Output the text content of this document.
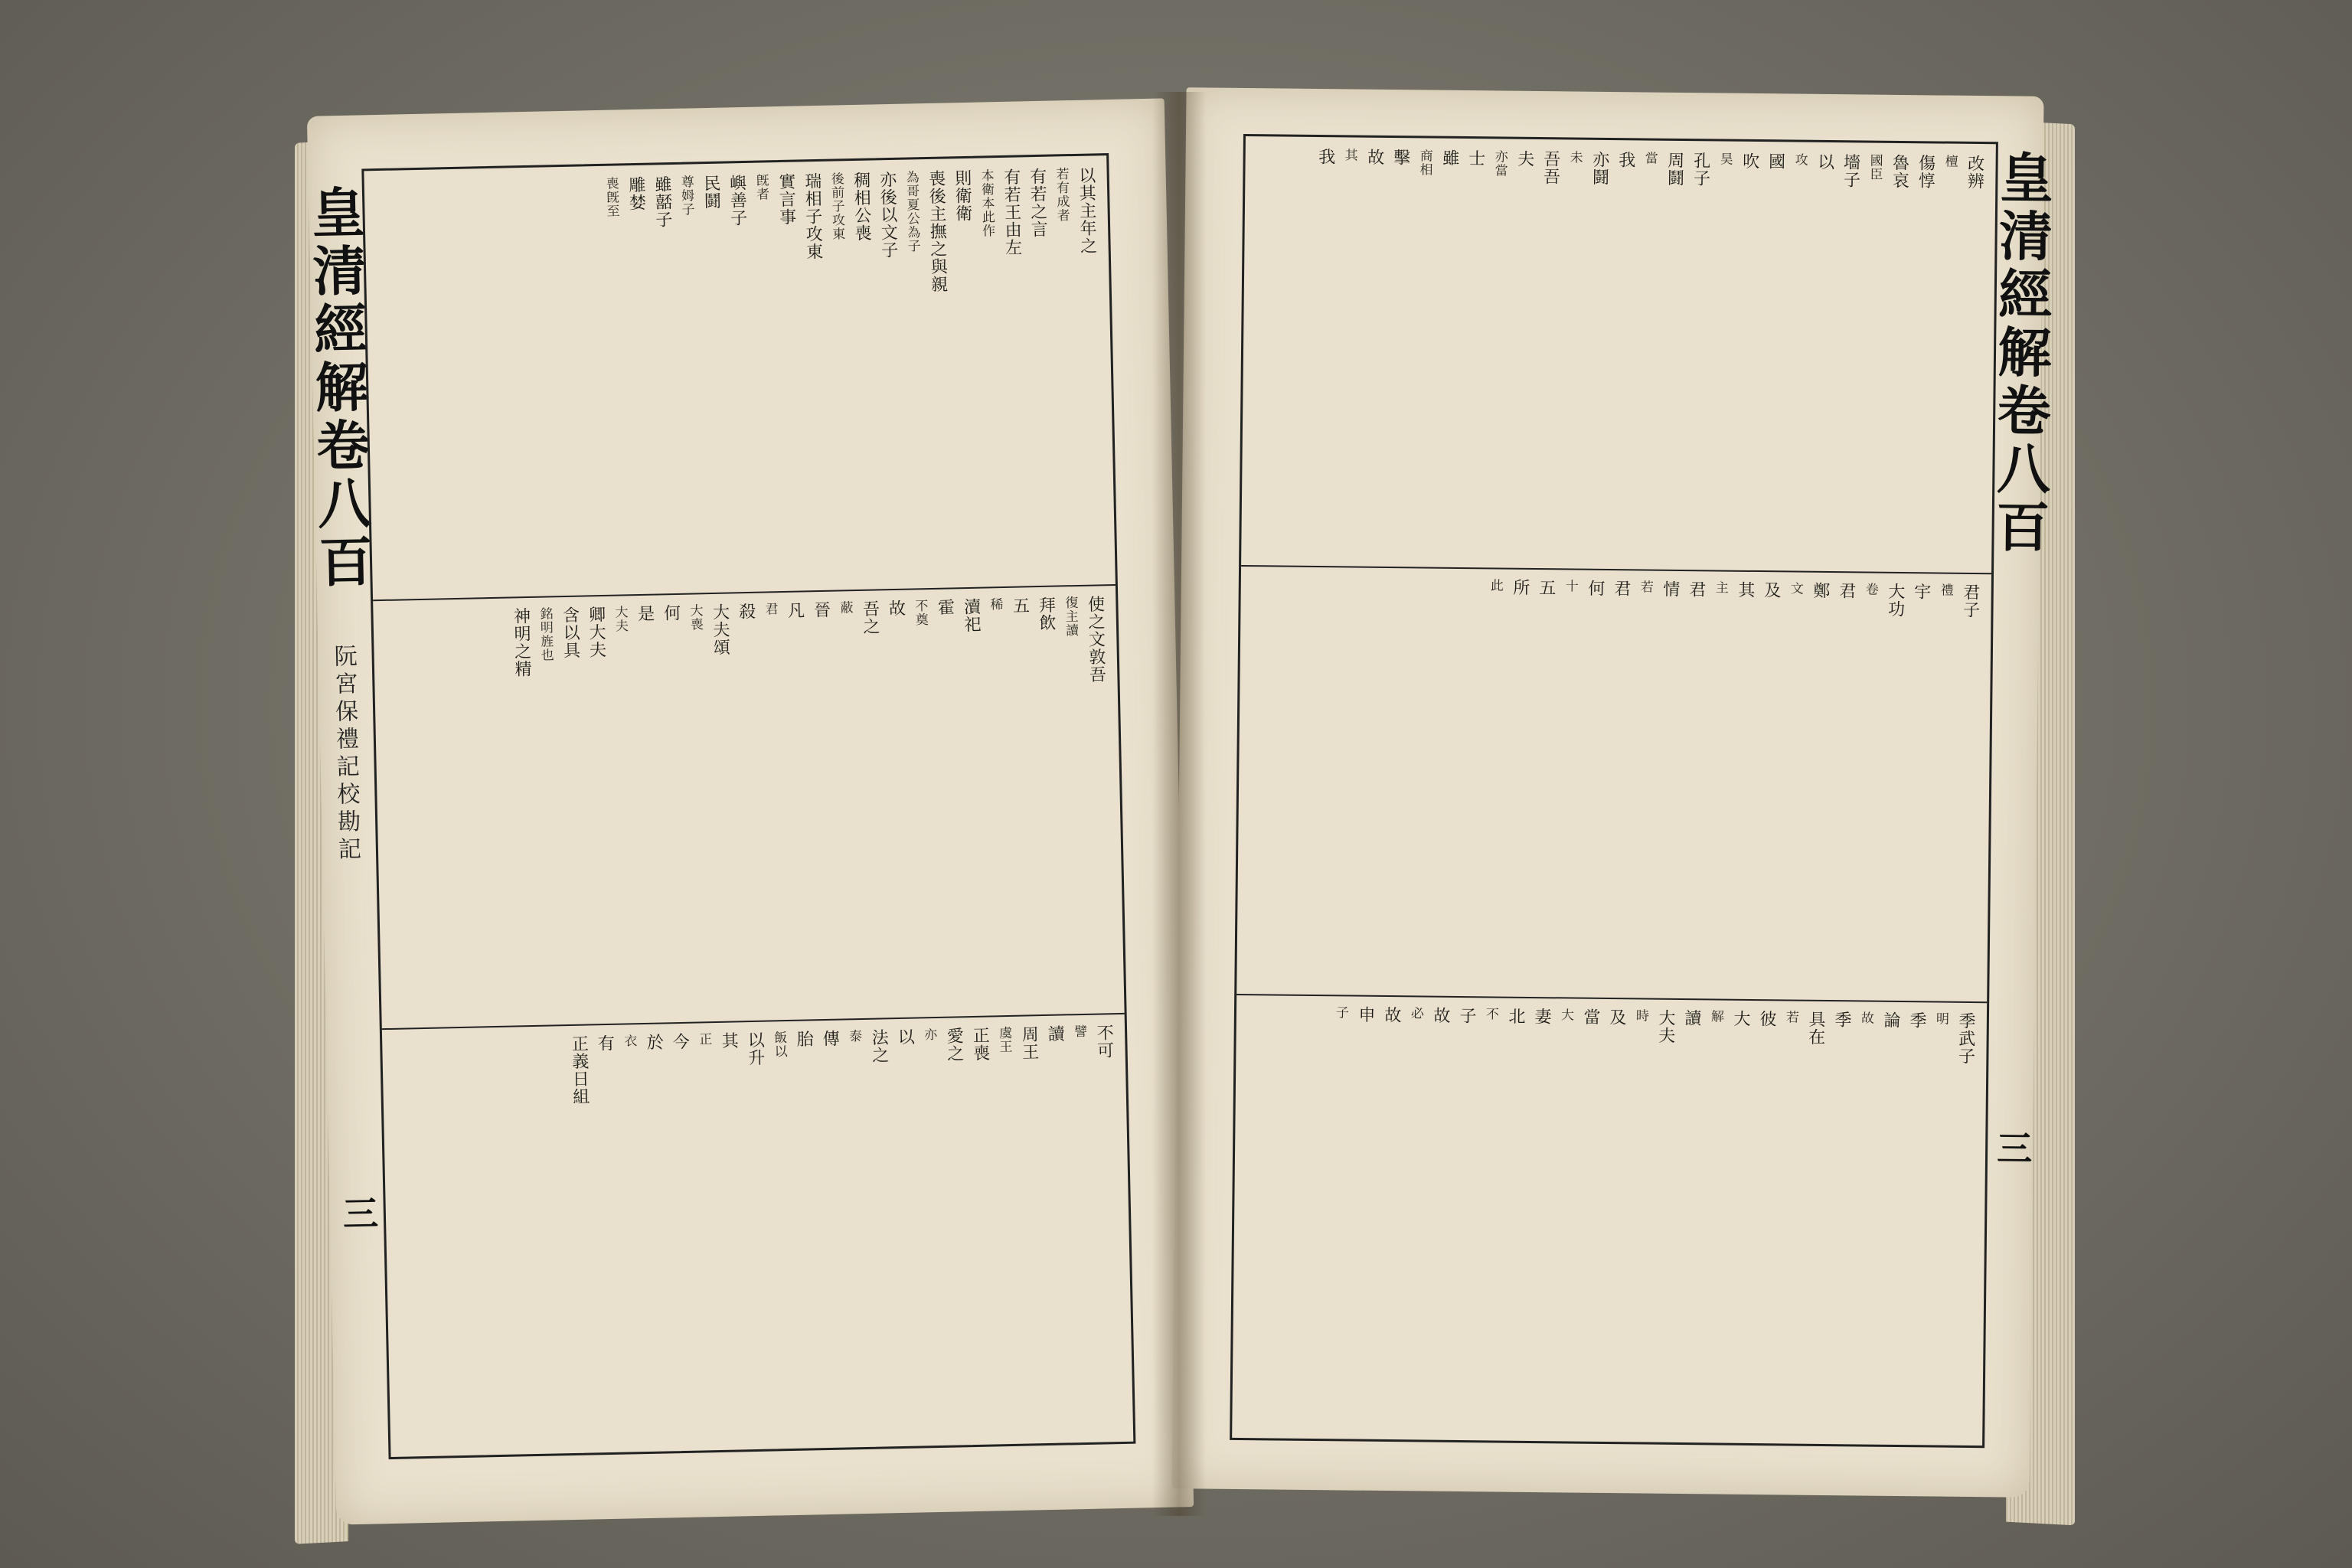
皇清經解卷八百
阮宮保禮記校勘記
三
以其主年之
若有成者
有若之言
有若王由左
本衛本此作
則衛衛
喪後主撫之與親
為哥夏公為子
亦後以文子
稠相公喪
後前子攻東
瑞相子攻東
實言事
旣者
嶼善子
民鬪
尊姆子
雖嚭子
雕婪
喪旣至
使之文敦吾
復主讀
拜飲
五
稀
瀆祀
霍
不奠
故
吾之
蔽
晉
凡
君
殺
大夫頌
大喪
何
是
大夫
卿大夫
含以具
銘明旌也
神明之精
不可
譬
讀
周王
虞王
正喪
愛之
亦
以
法之
泰
傳
胎
飯以
以升
其
正
今
於
衣
有
正義日組
皇清經解卷八百
三
改辨
檀
傷惇
魯哀
國臣
墻子
以
攻
國
吹
昊
孔子
周鬪
當
我
亦鬪
未
吾吾
夫
亦當
士
雖
商相
擊
故
其
我
君子
禮
宇
大功
卷
君
鄭
文
及
其
主
君
情
若
君
何
十
五
所
此
季武子
明
季
論
故
季
具在
若
彼
大
解
讀
大夫
時
及
當
大
妻
北
不
子
故
必
故
申
子
